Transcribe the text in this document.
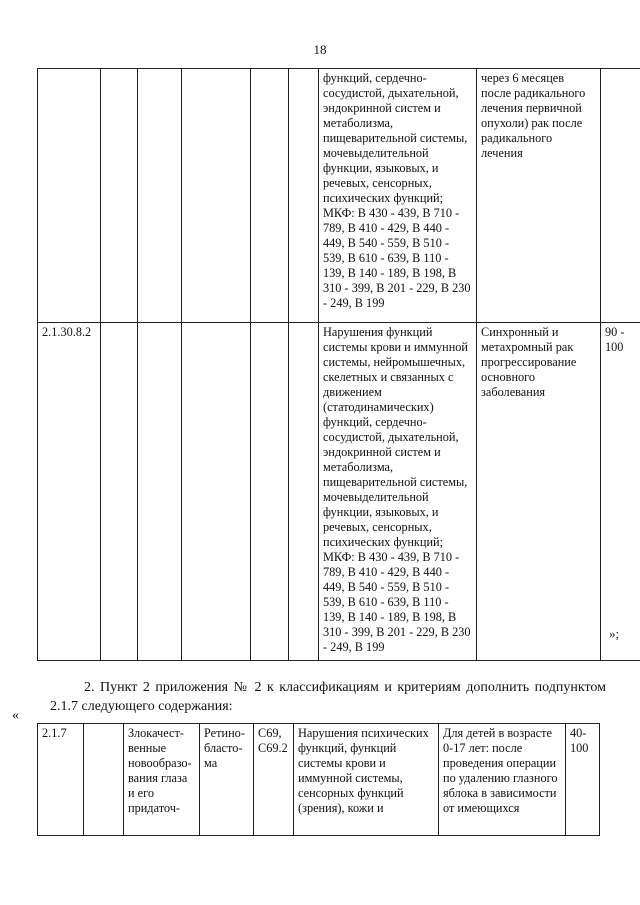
18
						функций, сердечно-сосудистой, дыхательной, эндокринной систем и метаболизма, пищеварительной системы, мочевыделительной функции, языковых, и речевых, сенсорных, психических функций; МКФ: В 430 - 439, В 710 - 789, В 410 - 429, В 440 - 449, В 540 - 559, В 510 - 539, В 610 - 639, В 110 - 139, В 140 - 189, В 198, В 310 - 399, В 201 - 229, В 230 - 249, В 199	через 6 месяцев после радикального лечения первичной опухоли) рак после радикального лечения	
2.1.30.8.2						Нарушения функций системы крови и иммунной системы, нейромышечных, скелетных и связанных с движением (статодинамических) функций, сердечно-сосудистой, дыхательной, эндокринной систем и метаболизма, пищеварительной системы, мочевыделительной функции, языковых, и речевых, сенсорных, психических функций; МКФ: В 430 - 439, В 710 - 789, В 410 - 429, В 440 - 449, В 540 - 559, В 510 - 539, В 610 - 639, В 110 - 139, В 140 - 189, В 198, В 310 - 399, В 201 - 229, В 230 - 249, В 199	Синхронный и метахромный рак прогрессирование основного заболевания	90 - 100
»;
2. Пункт 2 приложения № 2 к классификациям и критериям дополнить подпунктом 2.1.7 следующего содержания:
«
2.1.7		Злокачест-венные новообразо-вания глаза и его придаточ-	Ретино-бласто-ма	С69, С69.2	Нарушения психических функций, функций системы крови и иммунной системы, сенсорных функций (зрения), кожи и	Для детей в возрасте 0-17 лет: после проведения операции по удалению глазного яблока в зависимости от имеющихся	40-100
